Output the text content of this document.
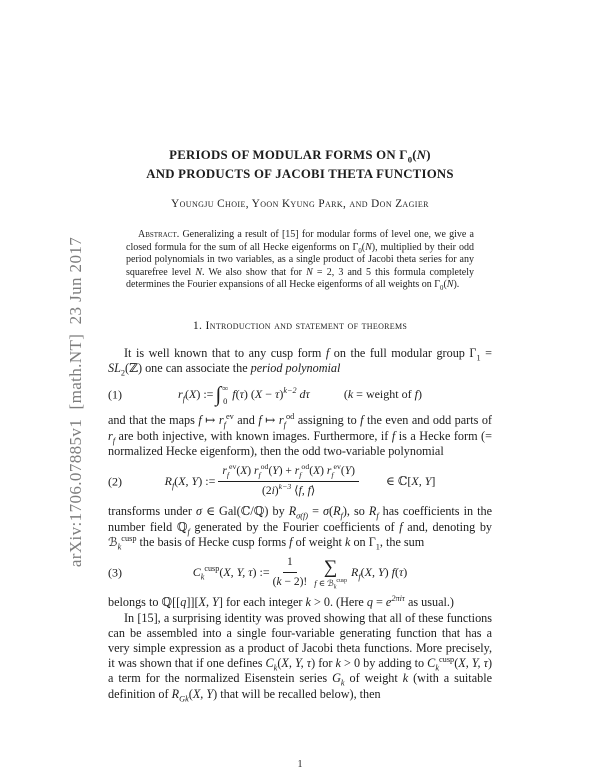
arXiv:1706.07885v1  [math.NT]  23 Jun 2017
PERIODS OF MODULAR FORMS ON $\Gamma_0(N)$
AND PRODUCTS OF JACOBI THETA FUNCTIONS
Youngju Choie, Yoon Kyung Park, and Don Zagier
Abstract. Generalizing a result of [15] for modular forms of level one, we give a closed formula for the sum of all Hecke eigenforms on $\Gamma_0(N)$, multiplied by their odd period polynomials in two variables, as a single product of Jacobi theta series for any squarefree level N. We also show that for N = 2, 3 and 5 this formula completely determines the Fourier expansions of all Hecke eigenforms of all weights on $\Gamma_0(N)$.
1. Introduction and statement of theorems

It is well known that to any cusp form f on the full modular group $\Gamma_1$ = $SL_2(ℤ)$ one can associate the period polynomial

(1)	$r_f(X)$ := ∫ ∞
0 f(τ) $(X - \tau)^{k-2}$ dτ	(k = weight of f)

and that the maps f ↦ $r_f^{ev}$ and f ↦ $r_f^{od}$ assigning to f the even and odd parts of $r_f$ are both injective, with known images. Furthermore, if f is a Hecke form (= normalized Hecke eigenform), then the odd two-variable polynomial

(2)	$R_f(X$, Y) := $\frac{r_f^{ev}(X) r_f^{od}(Y) + r_f^{od}(X) r_f^{ev}(Y)}{(2i)^{k-3} ⟨f, f⟩}$ ∈ ℂ[X, Y]

transforms under σ ∈ Gal(ℂ/ℚ) by $R_{\sigma(f)} = \sigma(R_f)$, so $R_f$ has coefficients in the number field ℚ$_f$ generated by the Fourier coefficients of f and, denoting by ℬ$_k^{cusp}$ the basis of Hecke cusp forms f of weight k on $\Gamma_1$, the sum

(3)	$C_k^{cusp}(X$, Y, τ) := $\frac{1}{(k - 2)!}$ ∑
f ∈ ℬ$_k^{cusp}$
$R_f(X$, Y) f(τ)

belongs to ℚ[[q]][X, Y] for each integer k > 0. (Here $q = e^{2\pi i\tau}$ as usual.)

In [15], a surprising identity was proved showing that all of these functions can be assembled into a single four-variable generating function that has a very simple expression as a product of Jacobi theta functions. More precisely, it was shown that if one defines $C_k(X$, Y, τ) for k > 0 by adding to $C_k^{cusp}(X$, Y, τ) a term for the normalized Eisenstein series $G_k$ of weight k (with a suitable definition of $R_{Gk}(X$, Y) that will be recalled below), then

1
